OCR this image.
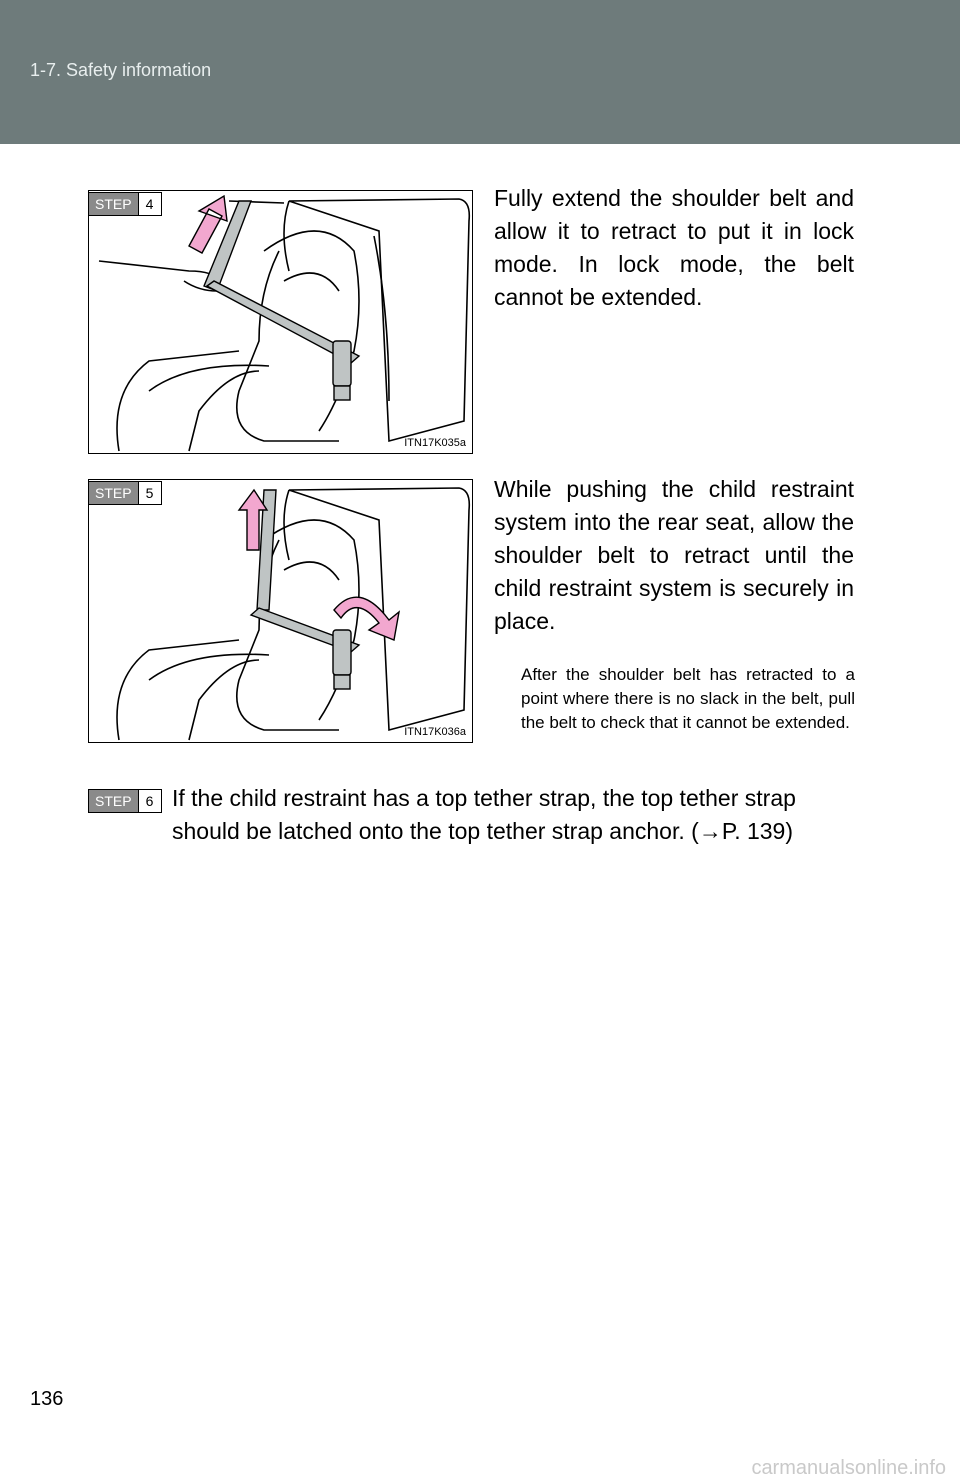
1-7. Safety information
ITN17K035a
STEP	4	Fully extend the shoulder belt and allow it to retract to put it in lock mode. In lock mode, the belt cannot be extended.
ITN17K036a
STEP	5	While pushing the child restraint system into the rear seat, allow the shoulder belt to retract until the child restraint system is securely in place.
After the shoulder belt has retracted to a point where there is no slack in the belt, pull the belt to check that it cannot be extended.
STEP	6 If the child restraint has a top tether strap, the top tether strap
should be latched onto the top tether strap anchor. (→P. 139)
136
carmanualsonline.info
